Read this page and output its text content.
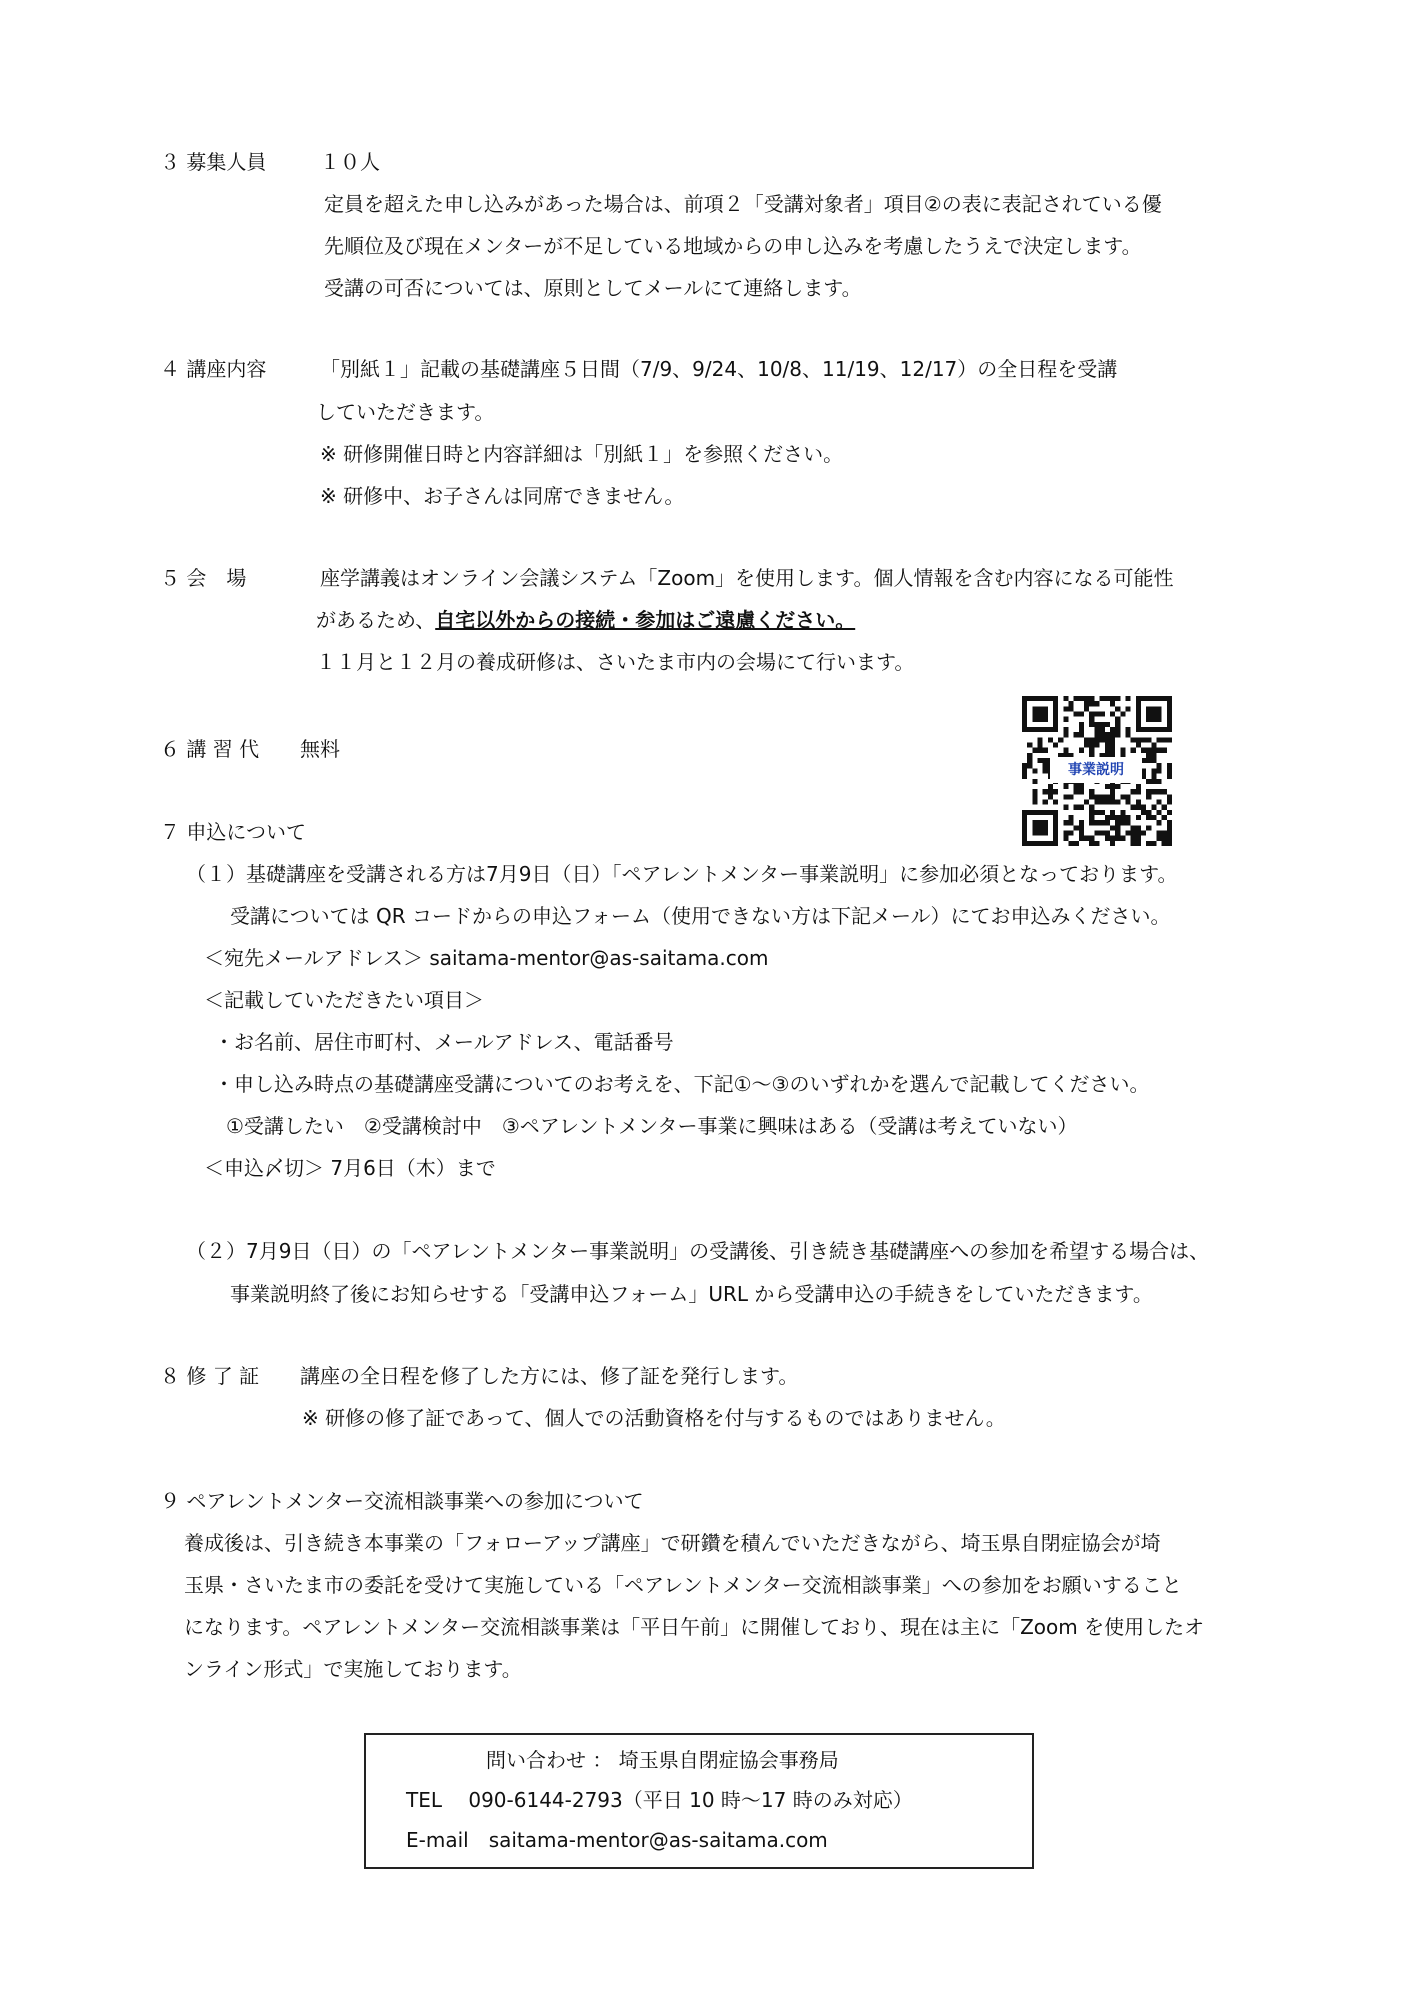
３ 募集人員	１０人
定員を超えた申し込みがあった場合は、前項２「受講対象者」項目②の表に表記されている優
先順位及び現在メンターが不足している地域からの申し込みを考慮したうえで決定します。
受講の可否については、原則としてメールにて連絡します。
４ 講座内容	「別紙１」記載の基礎講座５日間（7/9、9/24、10/8、11/19、12/17）の全日程を受講
していただきます。
※ 研修開催日時と内容詳細は「別紙１」を参照ください。
※ 研修中、お子さんは同席できません。
５ 会　場	座学講義はオンライン会議システム「Zoom」を使用します。個人情報を含む内容になる可能性
があるため、自宅以外からの接続・参加はご遠慮ください。
１１月と１２月の養成研修は、さいたま市内の会場にて行います。
６ 講 習 代 無料
事業説明
７ 申込について
（１）基礎講座を受講される方は7月9日（日）「ペアレントメンター事業説明」に参加必須となっております。
受講については QR コードからの申込フォーム（使用できない方は下記メール）にてお申込みください。
＜宛先メールアドレス＞ saitama-mentor@as-saitama.com
＜記載していただきたい項目＞
・お名前、居住市町村、メールアドレス、電話番号
・申し込み時点の基礎講座受講についてのお考えを、下記①～③のいずれかを選んで記載してください。
①受講したい　②受講検討中　③ペアレントメンター事業に興味はある（受講は考えていない）
＜申込〆切＞ 7月6日（木）まで
（２）7月9日（日）の「ペアレントメンター事業説明」の受講後、引き続き基礎講座への参加を希望する場合は、
事業説明終了後にお知らせする「受講申込フォーム」URL から受講申込の手続きをしていただきます。
８ 修 了 証 講座の全日程を修了した方には、修了証を発行します。
※ 研修の修了証であって、個人での活動資格を付与するものではありません。
９ ペアレントメンター交流相談事業への参加について
養成後は、引き続き本事業の「フォローアップ講座」で研鑽を積んでいただきながら、埼玉県自閉症協会が埼
玉県・さいたま市の委託を受けて実施している「ペアレントメンター交流相談事業」への参加をお願いすること
になります。ペアレントメンター交流相談事業は「平日午前」に開催しており、現在は主に「Zoom を使用したオ
ンライン形式」で実施しております。
問い合わせ ： 埼玉県自閉症協会事務局
TEL　 090-6144-2793（平日 10 時～17 時のみ対応）
E-mail　saitama-mentor@as-saitama.com
